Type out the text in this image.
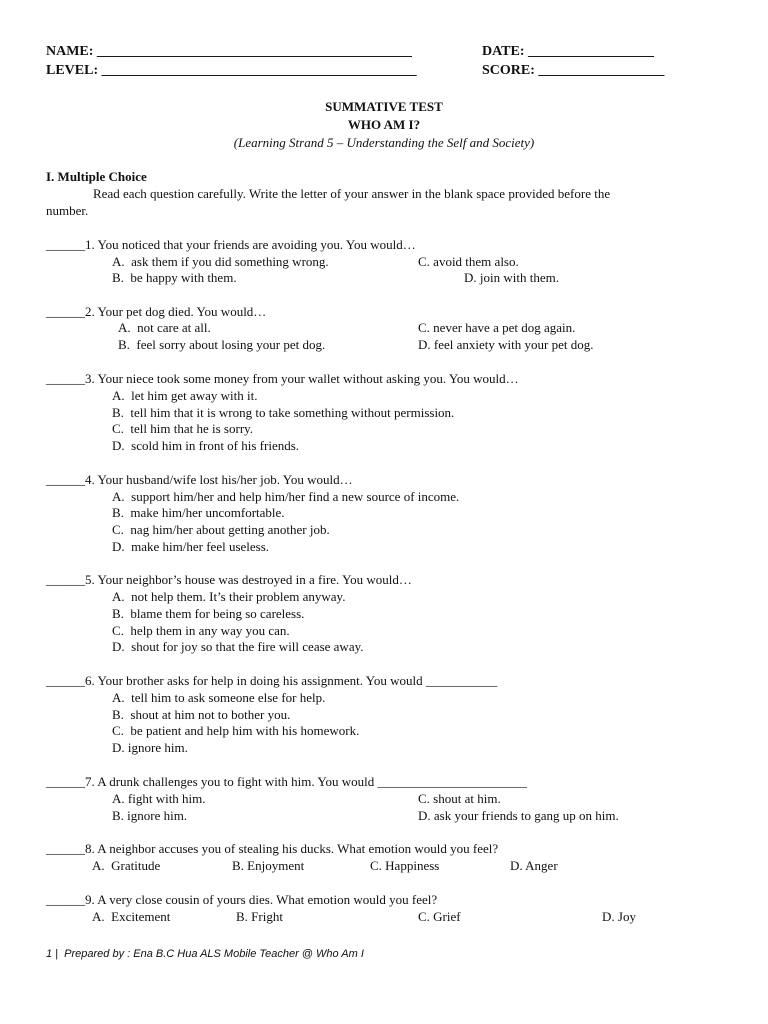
NAME: _____________________________________________	DATE: __________________
LEVEL: _____________________________________________	SCORE: __________________
SUMMATIVE TEST
WHO AM I?
(Learning Strand 5 – Understanding the Self and Society)
I. Multiple Choice
Read each question carefully. Write the letter of your answer in the blank space provided before the
number.
______1. You noticed that your friends are avoiding you. You would…
A.  ask them if you did something wrong.	C. avoid them also.
B.  be happy with them.	D. join with them.
______2. Your pet dog died. You would…
A.  not care at all.	C. never have a pet dog again.
B.  feel sorry about losing your pet dog.	D. feel anxiety with your pet dog.
______3. Your niece took some money from your wallet without asking you. You would…
A.  let him get away with it.
B.  tell him that it is wrong to take something without permission.
C.  tell him that he is sorry.
D.  scold him in front of his friends.
______4. Your husband/wife lost his/her job. You would…
A.  support him/her and help him/her find a new source of income.
B.  make him/her uncomfortable.
C.  nag him/her about getting another job.
D.  make him/her feel useless.
______5. Your neighbor’s house was destroyed in a fire. You would…
A.  not help them. It’s their problem anyway.
B.  blame them for being so careless.
C.  help them in any way you can.
D.  shout for joy so that the fire will cease away.
______6. Your brother asks for help in doing his assignment. You would ___________
A.  tell him to ask someone else for help.
B.  shout at him not to bother you.
C.  be patient and help him with his homework.
D. ignore him.
______7. A drunk challenges you to fight with him. You would _______________________
A. fight with him.	C. shout at him.
B. ignore him.	D. ask your friends to gang up on him.
______8. A neighbor accuses you of stealing his ducks. What emotion would you feel?
A.  Gratitude	B. Enjoyment	C. Happiness	D. Anger
______9. A very close cousin of yours dies. What emotion would you feel?
A.  Excitement	B. Fright	C. Grief	D. Joy
1 |  Prepared by : Ena B.C Hua ALS Mobile Teacher @ Who Am I
